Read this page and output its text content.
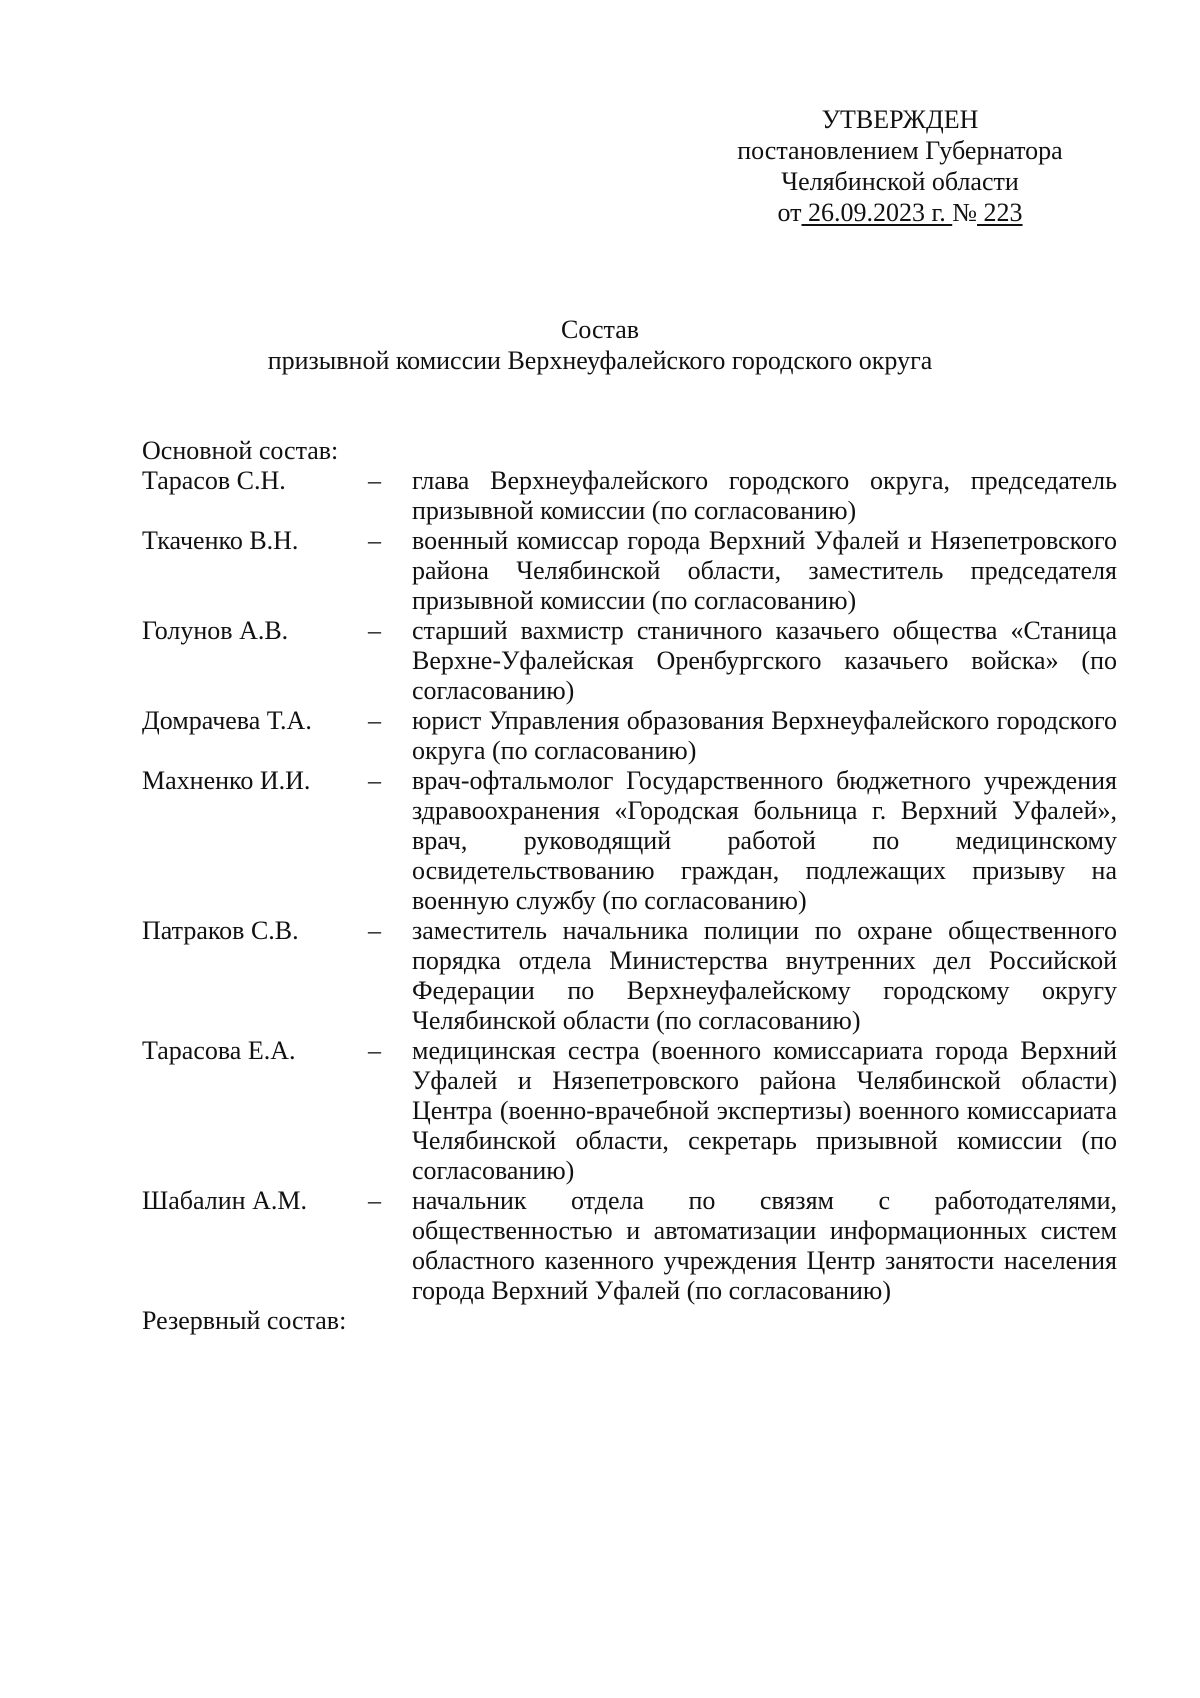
УТВЕРЖДЕН
постановлением Губернатора
Челябинской области
от 26.09.2023 г. № 223
Состав
призывной комиссии Верхнеуфалейского городского округа
Основной состав:
Тарасов С.Н.	–	глава Верхнеуфалейского городского округа, председатель призывной комиссии (по согласованию)
Ткаченко В.Н.	–	военный комиссар города Верхний Уфалей и Нязепетровского района Челябинской области, заместитель председателя призывной комиссии (по согласованию)
Голунов А.В.	–	старший вахмистр станичного казачьего общества «Станица Верхне-Уфалейская Оренбургского казачьего войска» (по согласованию)
Домрачева Т.А.	–	юрист Управления образования Верхнеуфалейского городского округа (по согласованию)
Махненко И.И.	–	врач-офтальмолог Государственного бюджетного учреждения здравоохранения «Городская больница г. Верхний Уфалей», врач, руководящий работой по медицинскому освидетельствованию граждан, подлежащих призыву на военную службу (по согласованию)
Патраков С.В.	–	заместитель начальника полиции по охране общественного порядка отдела Министерства внутренних дел Российской Федерации по Верхнеуфалейскому городскому округу Челябинской области (по согласованию)
Тарасова Е.А.	–	медицинская сестра (военного комиссариата города Верхний Уфалей и Нязепетровского района Челябинской области) Центра (военно-врачебной экспертизы) военного комиссариата Челябинской области, секретарь призывной комиссии (по согласованию)
Шабалин А.М.	–	начальник отдела по связям с работодателями, общественностью и автоматизации информационных систем областного казенного учреждения Центр занятости населения города Верхний Уфалей (по согласованию)
Резервный состав:
